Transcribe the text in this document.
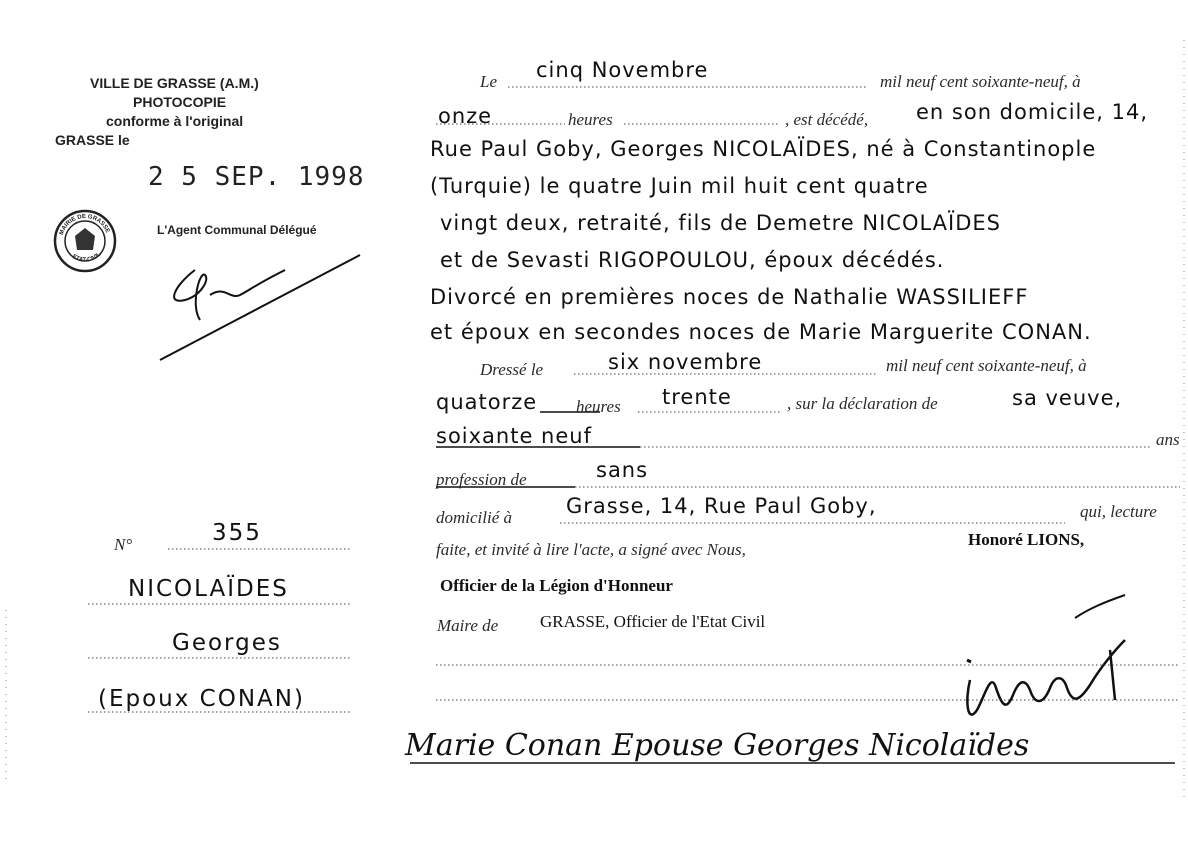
VILLE DE GRASSE (A.M.)
PHOTOCOPIE
conforme à l'original
GRASSE le
2 5 SEP. 1998
L'Agent Communal Délégué
MAIRIE DE GRASSE
ETAT-CIVIL
N°	355
NICOLAÏDES
Georges
(Epoux CONAN)
Le cinq Novembre	mil neuf cent soixante-neuf, à
onze	heures	, est décédé, en son domicile, 14,
Rue Paul Goby, Georges NICOLAÏDES, né à Constantinople
(Turquie) le quatre Juin mil huit cent quatre
vingt deux, retraité, fils de Demetre NICOLAÏDES
et de Sevasti RIGOPOULOU, époux décédés.
Divorcé en premières noces de Nathalie WASSILIEFF
et époux en secondes noces de Marie Marguerite CONAN.
Dressé le	six novembre	mil neuf cent soixante-neuf, à
quatorze heures trente	, sur la déclaration de	sa veuve,
soixante neuf	ans
profession de	sans
domicilié à	Grasse, 14, Rue Paul Goby,	qui, lecture
faite, et invité à lire l'acte, a signé avec Nous,
Honoré LIONS,
Officier de la Légion d'Honneur
Maire de GRASSE, Officier de l'Etat Civil
Marie Conan Epouse Georges Nicolaïdes
